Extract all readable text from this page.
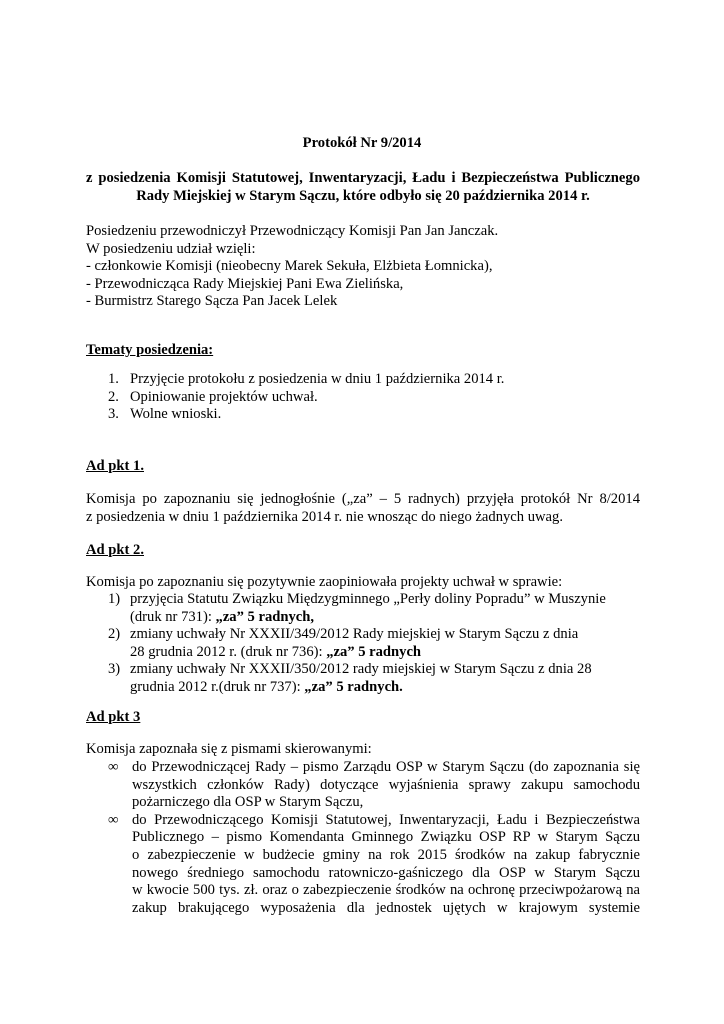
Protokół Nr 9/2014

z posiedzenia Komisji Statutowej, Inwentaryzacji, Ładu i Bezpieczeństwa Publicznego

Rady Miejskiej w Starym Sączu, które odbyło się 20 października 2014 r.

Posiedzeniu przewodniczył Przewodniczący Komisji Pan Jan Janczak.
W posiedzeniu udział wzięli:
- członkowie Komisji (nieobecny Marek Sekuła, Elżbieta Łomnicka),
- Przewodnicząca Rady Miejskiej Pani Ewa Zielińska,
- Burmistrz Starego Sącza Pan Jacek Lelek
Tematy posiedzenia:
1. Przyjęcie protokołu z posiedzenia w dniu 1 października 2014 r.
2. Opiniowanie projektów uchwał.
3. Wolne wnioski.
Ad pkt 1.
Komisja po zapoznaniu się jednogłośnie („za” – 5 radnych) przyjęła protokół Nr 8/2014
z posiedzenia w dniu 1 października 2014 r. nie wnosząc do niego żadnych uwag.
Ad pkt 2.
Komisja po zapoznaniu się pozytywnie zaopiniowała projekty uchwał w sprawie:
1) przyjęcia Statutu Związku Międzygminnego „Perły doliny Popradu” w Muszynie
(druk nr 731): „za” 5 radnych,
2) zmiany uchwały Nr XXXII/349/2012 Rady miejskiej w Starym Sączu z dnia
28 grudnia 2012 r. (druk nr 736): „za” 5 radnych
3) zmiany uchwały Nr XXXII/350/2012 rady miejskiej w Starym Sączu z dnia 28
grudnia 2012 r.(druk nr 737): „za” 5 radnych.
Ad pkt 3
Komisja zapoznała się z pismami skierowanymi:
∞ do Przewodniczącej Rady – pismo Zarządu OSP w Starym Sączu (do zapoznania się
wszystkich członków Rady) dotyczące wyjaśnienia sprawy zakupu samochodu
pożarniczego dla OSP w Starym Sączu,
∞ do Przewodniczącego Komisji Statutowej, Inwentaryzacji, Ładu i Bezpieczeństwa
Publicznego – pismo Komendanta Gminnego Związku OSP RP w Starym Sączu
o zabezpieczenie w budżecie gminy na rok 2015 środków na zakup fabrycznie
nowego średniego samochodu ratowniczo-gaśniczego dla OSP w Starym Sączu
w kwocie 500 tys. zł. oraz o zabezpieczenie środków na ochronę przeciwpożarową na
zakup brakującego wyposażenia dla jednostek ujętych w krajowym systemie
